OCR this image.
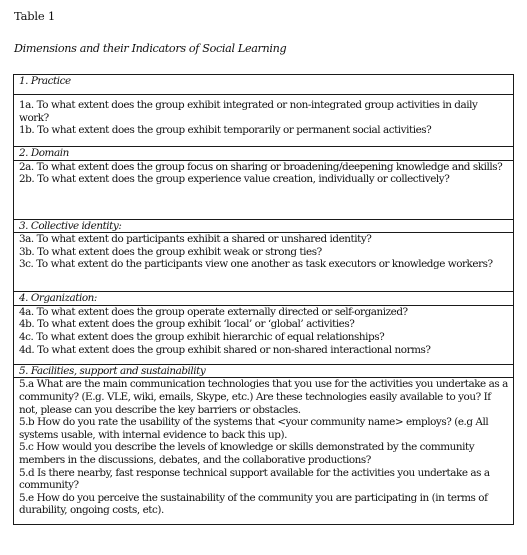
Table 1
Dimensions and their Indicators of Social Learning
1. Practice

1a. To what extent does the group exhibit integrated or non-integrated group activities in daily work?
1b. To what extent does the group exhibit temporarily or permanent social activities?

2. Domain

2a. To what extent does the group focus on sharing or broadening/deepening knowledge and skills?
2b. To what extent does the group experience value creation, individually or collectively?

3. Collective identity:

3a. To what extent do participants exhibit a shared or unshared identity?
3b. To what extent does the group exhibit weak or strong ties?
3c. To what extent do the participants view one another as task executors or knowledge workers?

4. Organization:

4a. To what extent does the group operate externally directed or self-organized?
4b. To what extent does the group exhibit ‘local’ or ‘global’ activities?
4c. To what extent does the group exhibit hierarchic of equal relationships?
4d. To what extent does the group exhibit shared or non-shared interactional norms?

5. Facilities, support and sustainability

5.a What are the main communication technologies that you use for the activities you undertake as a community? (E.g. VLE, wiki, emails, Skype, etc.) Are these technologies easily available to you? If not, please can you describe the key barriers or obstacles.
5.b How do you rate the usability of the systems that <your community name> employs? (e.g All systems usable, with internal evidence to back this up).
5.c How would you describe the levels of knowledge or skills demonstrated by the community members in the discussions, debates, and the collaborative productions?
5.d Is there nearby, fast response technical support available for the activities you undertake as a community?
5.e How do you perceive the sustainability of the community you are participating in (in terms of durability, ongoing costs, etc).
